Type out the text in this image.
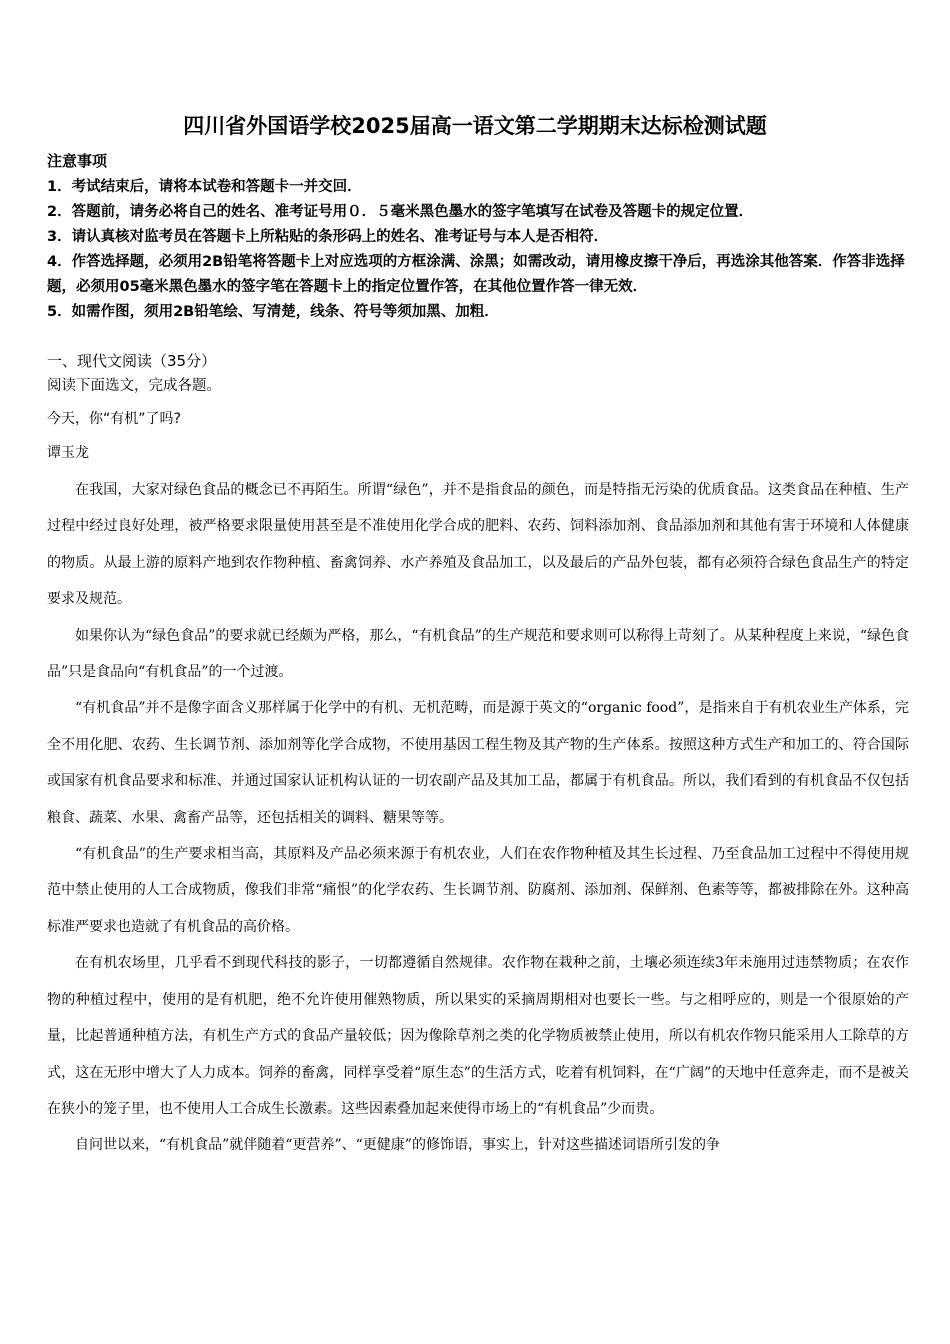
四川省外国语学校2025届高一语文第二学期期末达标检测试题
注意事项

1．考试结束后，请将本试卷和答题卡一并交回．

2．答题前，请务必将自己的姓名、准考证号用０．５毫米黑色墨水的签字笔填写在试卷及答题卡的规定位置．

3．请认真核对监考员在答题卡上所粘贴的条形码上的姓名、准考证号与本人是否相符．

4．作答选择题，必须用2B铅笔将答题卡上对应选项的方框涂满、涂黑；如需改动，请用橡皮擦干净后，再选涂其他答案．作答非选择题，必须用05毫米黑色墨水的签字笔在答题卡上的指定位置作答，在其他位置作答一律无效．

5．如需作图，须用2B铅笔绘、写清楚，线条、符号等须加黑、加粗．

一、现代文阅读（35分）
阅读下面选文，完成各题。
今天，你“有机”了吗?
谭玉龙

在我国，大家对绿色食品的概念已不再陌生。所谓“绿色”，并不是指食品的颜色，而是特指无污染的优质食品。这类食品在种植、生产过程中经过良好处理，被严格要求限量使用甚至是不准使用化学合成的肥料、农药、饲料添加剂、食品添加剂和其他有害于环境和人体健康的物质。从最上游的原料产地到农作物种植、畜禽饲养、水产养殖及食品加工，以及最后的产品外包装，都有必须符合绿色食品生产的特定要求及规范。

如果你认为“绿色食品”的要求就已经颇为严格，那么，“有机食品”的生产规范和要求则可以称得上苛刻了。从某种程度上来说，“绿色食品”只是食品向“有机食品”的一个过渡。

“有机食品”并不是像字面含义那样属于化学中的有机、无机范畴，而是源于英文的“organic food”，是指来自于有机农业生产体系，完全不用化肥、农药、生长调节剂、添加剂等化学合成物，不使用基因工程生物及其产物的生产体系。按照这种方式生产和加工的、符合国际或国家有机食品要求和标准、并通过国家认证机构认证的一切农副产品及其加工品，都属于有机食品。所以，我们看到的有机食品不仅包括粮食、蔬菜、水果、禽畜产品等，还包括相关的调料、糖果等等。

“有机食品”的生产要求相当高，其原料及产品必须来源于有机农业，人们在农作物种植及其生长过程、乃至食品加工过程中不得使用规范中禁止使用的人工合成物质，像我们非常“痛恨”的化学农药、生长调节剂、防腐剂、添加剂、保鲜剂、色素等等，都被排除在外。这种高标准严要求也造就了有机食品的高价格。

在有机农场里，几乎看不到现代科技的影子，一切都遵循自然规律。农作物在栽种之前，土壤必须连续3年未施用过违禁物质；在农作物的种植过程中，使用的是有机肥，绝不允许使用催熟物质，所以果实的采摘周期相对也要长一些。与之相呼应的，则是一个很原始的产量，比起普通种植方法，有机生产方式的食品产量较低；因为像除草剂之类的化学物质被禁止使用，所以有机农作物只能采用人工除草的方式，这在无形中增大了人力成本。饲养的畜禽，同样享受着“原生态”的生活方式，吃着有机饲料，在“广阔”的天地中任意奔走，而不是被关在狭小的笼子里，也不使用人工合成生长激素。这些因素叠加起来使得市场上的“有机食品”少而贵。

自问世以来，“有机食品”就伴随着“更营养”、“更健康”的修饰语，事实上，针对这些描述词语所引发的争
